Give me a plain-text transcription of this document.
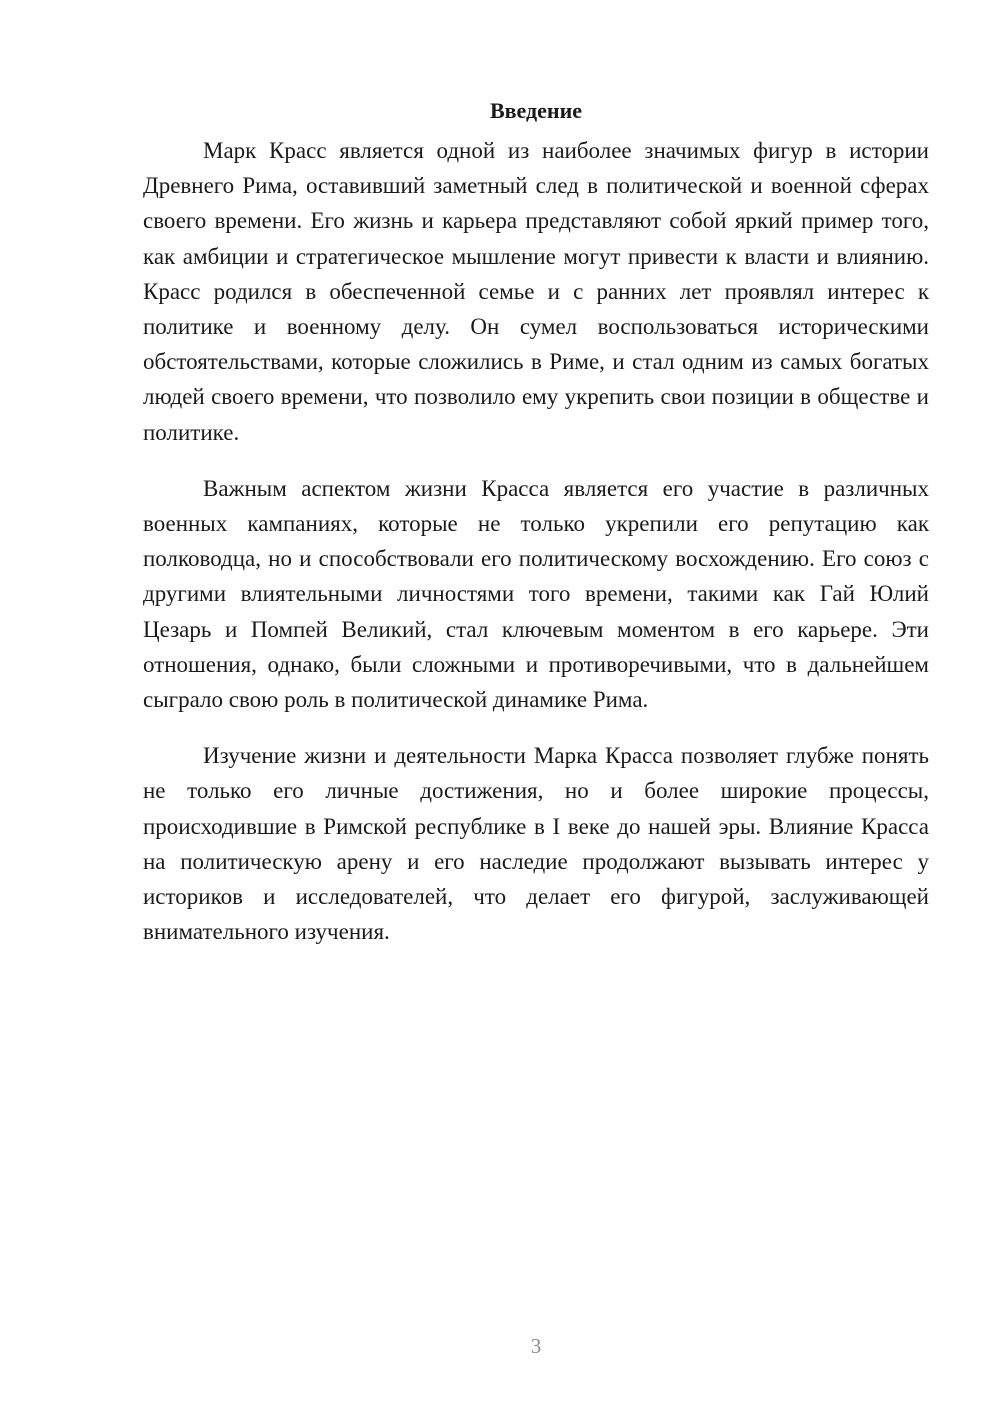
Введение

Марк Красс является одной из наиболее значимых фигур в истории Древнего Рима, оставивший заметный след в политической и военной сферах своего времени. Его жизнь и карьера представляют собой яркий пример того, как амбиции и стратегическое мышление могут привести к власти и влиянию. Красс родился в обеспеченной семье и с ранних лет проявлял интерес к политике и военному делу. Он сумел воспользоваться историческими обстоятельствами, которые сложились в Риме, и стал одним из самых богатых людей своего времени, что позволило ему укрепить свои позиции в обществе и политике.

Важным аспектом жизни Красса является его участие в различных военных кампаниях, которые не только укрепили его репутацию как полководца, но и способствовали его политическому восхождению. Его союз с другими влиятельными личностями того времени, такими как Гай Юлий Цезарь и Помпей Великий, стал ключевым моментом в его карьере. Эти отношения, однако, были сложными и противоречивыми, что в дальнейшем сыграло свою роль в политической динамике Рима.

Изучение жизни и деятельности Марка Красса позволяет глубже понять не только его личные достижения, но и более широкие процессы, происходившие в Римской республике в I веке до нашей эры. Влияние Красса на политическую арену и его наследие продолжают вызывать интерес у историков и исследователей, что делает его фигурой, заслуживающей внимательного изучения.

3
